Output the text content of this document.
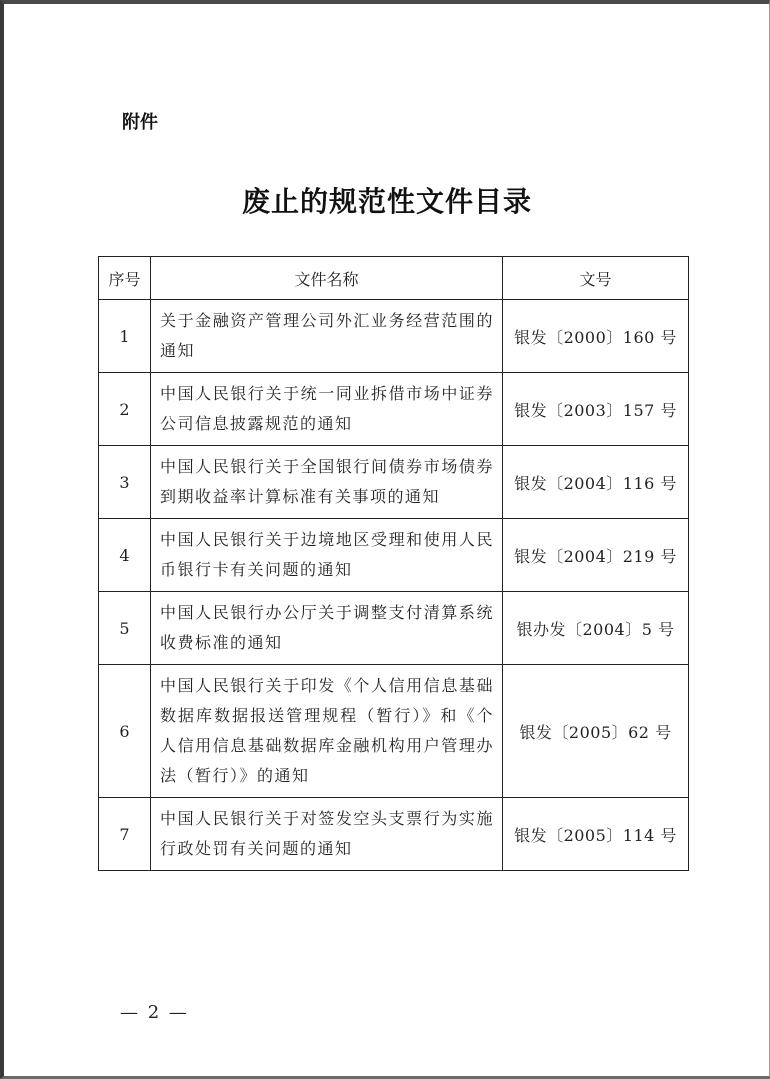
附件
废止的规范性文件目录
序号	文件名称	文号
1	关于金融资产管理公司外汇业务经营范围的通知	银发〔2000〕160 号
2	中国人民银行关于统一同业拆借市场中证券公司信息披露规范的通知	银发〔2003〕157 号
3	中国人民银行关于全国银行间债券市场债券到期收益率计算标准有关事项的通知	银发〔2004〕116 号
4	中国人民银行关于边境地区受理和使用人民币银行卡有关问题的通知	银发〔2004〕219 号
5	中国人民银行办公厅关于调整支付清算系统收费标准的通知	银办发〔2004〕5 号
6	中国人民银行关于印发《个人信用信息基础数据库数据报送管理规程（暂行）》和《个人信用信息基础数据库金融机构用户管理办法（暂行）》的通知	银发〔2005〕62 号
7	中国人民银行关于对签发空头支票行为实施行政处罚有关问题的通知	银发〔2005〕114 号
— 2 —
